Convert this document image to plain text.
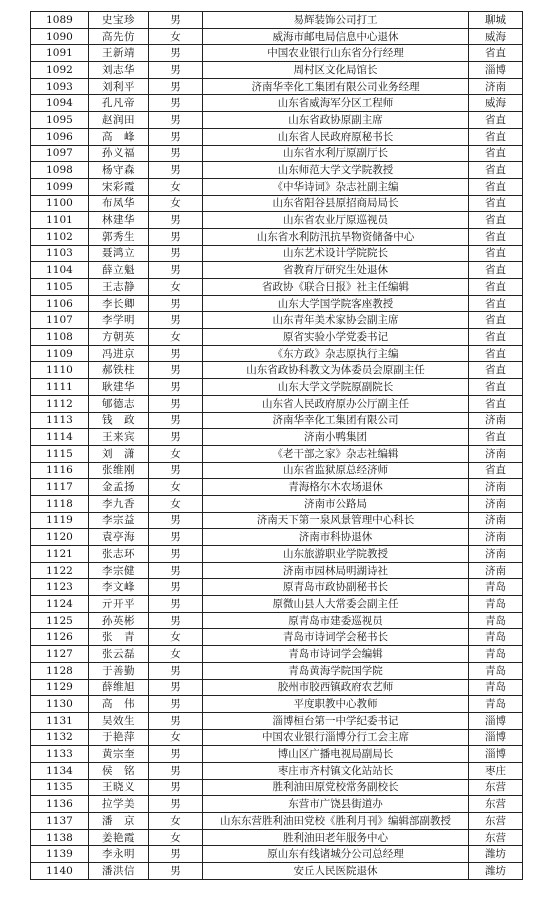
1089	史宝珍	男	易辉装饰公司打工	聊城
1090	高先仿	女	威海市邮电局信息中心退休	威海
1091	王新靖	男	中国农业银行山东省分行经理	省直
1092	刘志华	男	周村区文化局馆长	淄博
1093	刘利平	男	济南华幸化工集团有限公司业务经理	济南
1094	孔凡帝	男	山东省威海军分区工程师	威海
1095	赵润田	男	山东省政协原副主席	省直
1096	高　峰	男	山东省人民政府原秘书长	省直
1097	孙义福	男	山东省水利厅原副厅长	省直
1098	杨守森	男	山东师范大学文学院教授	省直
1099	宋彩霞	女	《中华诗词》杂志社副主编	省直
1100	布凤华	女	山东省阳谷县原招商局局长	省直
1101	林建华	男	山东省农业厅原巡视员	省直
1102	郭秀生	男	山东省水利防汛抗旱物资储备中心	省直
1103	聂鸿立	男	山东艺术设计学院院长	省直
1104	薛立魁	男	省教育厅研究生处退休	省直
1105	王志静	女	省政协《联合日报》社主任编辑	省直
1106	李长卿	男	山东大学国学院客座教授	省直
1107	李学明	男	山东青年美术家协会副主席	省直
1108	方朝英	女	原省实验小学党委书记	省直
1109	冯进京	男	《东方政》杂志原执行主编	省直
1110	郝铁柱	男	山东省政协科教文为体委员会原副主任	省直
1111	耿建华	男	山东大学文学院原副院长	省直
1112	郇德志	男	山东省人民政府原办公厅副主任	省直
1113	钱　政	男	济南华幸化工集团有限公司	济南
1114	王来宾	男	济南小鸭集团	省直
1115	刘　潇	女	《老干部之家》杂志社编辑	济南
1116	张维刚	男	山东省监狱原总经济师	省直
1117	金孟扬	女	青海格尔木农场退休	济南
1118	李九香	女	济南市公路局	济南
1119	李宗益	男	济南天下第一泉风景管理中心科长	济南
1120	袁亭海	男	济南市科协退休	济南
1121	张志环	男	山东旅游职业学院教授	济南
1122	李宗健	男	济南市园林局明湖诗社	济南
1123	李文峰	男	原青岛市政协副秘书长	青岛
1124	亓开平	男	原微山县人大常委会副主任	青岛
1125	孙英彬	男	原青岛市建委巡视员	青岛
1126	张　青	女	青岛市诗词学会秘书长	青岛
1127	张云磊	女	青岛市诗词学会编辑	青岛
1128	于善勤	男	青岛黄海学院国学院	青岛
1129	薛维旭	男	胶州市胶西镇政府农艺师	青岛
1130	高　伟	男	平度职教中心教师	青岛
1131	吴效生	男	淄博桓台第一中学纪委书记	淄博
1132	于艳萍	女	中国农业银行淄博分行工会主席	淄博
1133	黄宗奎	男	博山区广播电视局副局长	淄博
1134	侯　铭	男	枣庄市齐村镇文化站站长	枣庄
1135	王晓义	男	胜利油田原党校常务副校长	东营
1136	拉学美	男	东营市广饶县街道办	东营
1137	潘　京	女	山东东营胜利油田党校《胜利月刊》编辑部副教授	东营
1138	姜艳霞	女	胜利油田老年服务中心	东营
1139	李永明	男	原山东有线诸城分公司总经理	潍坊
1140	潘洪信	男	安丘人民医院退休	潍坊
